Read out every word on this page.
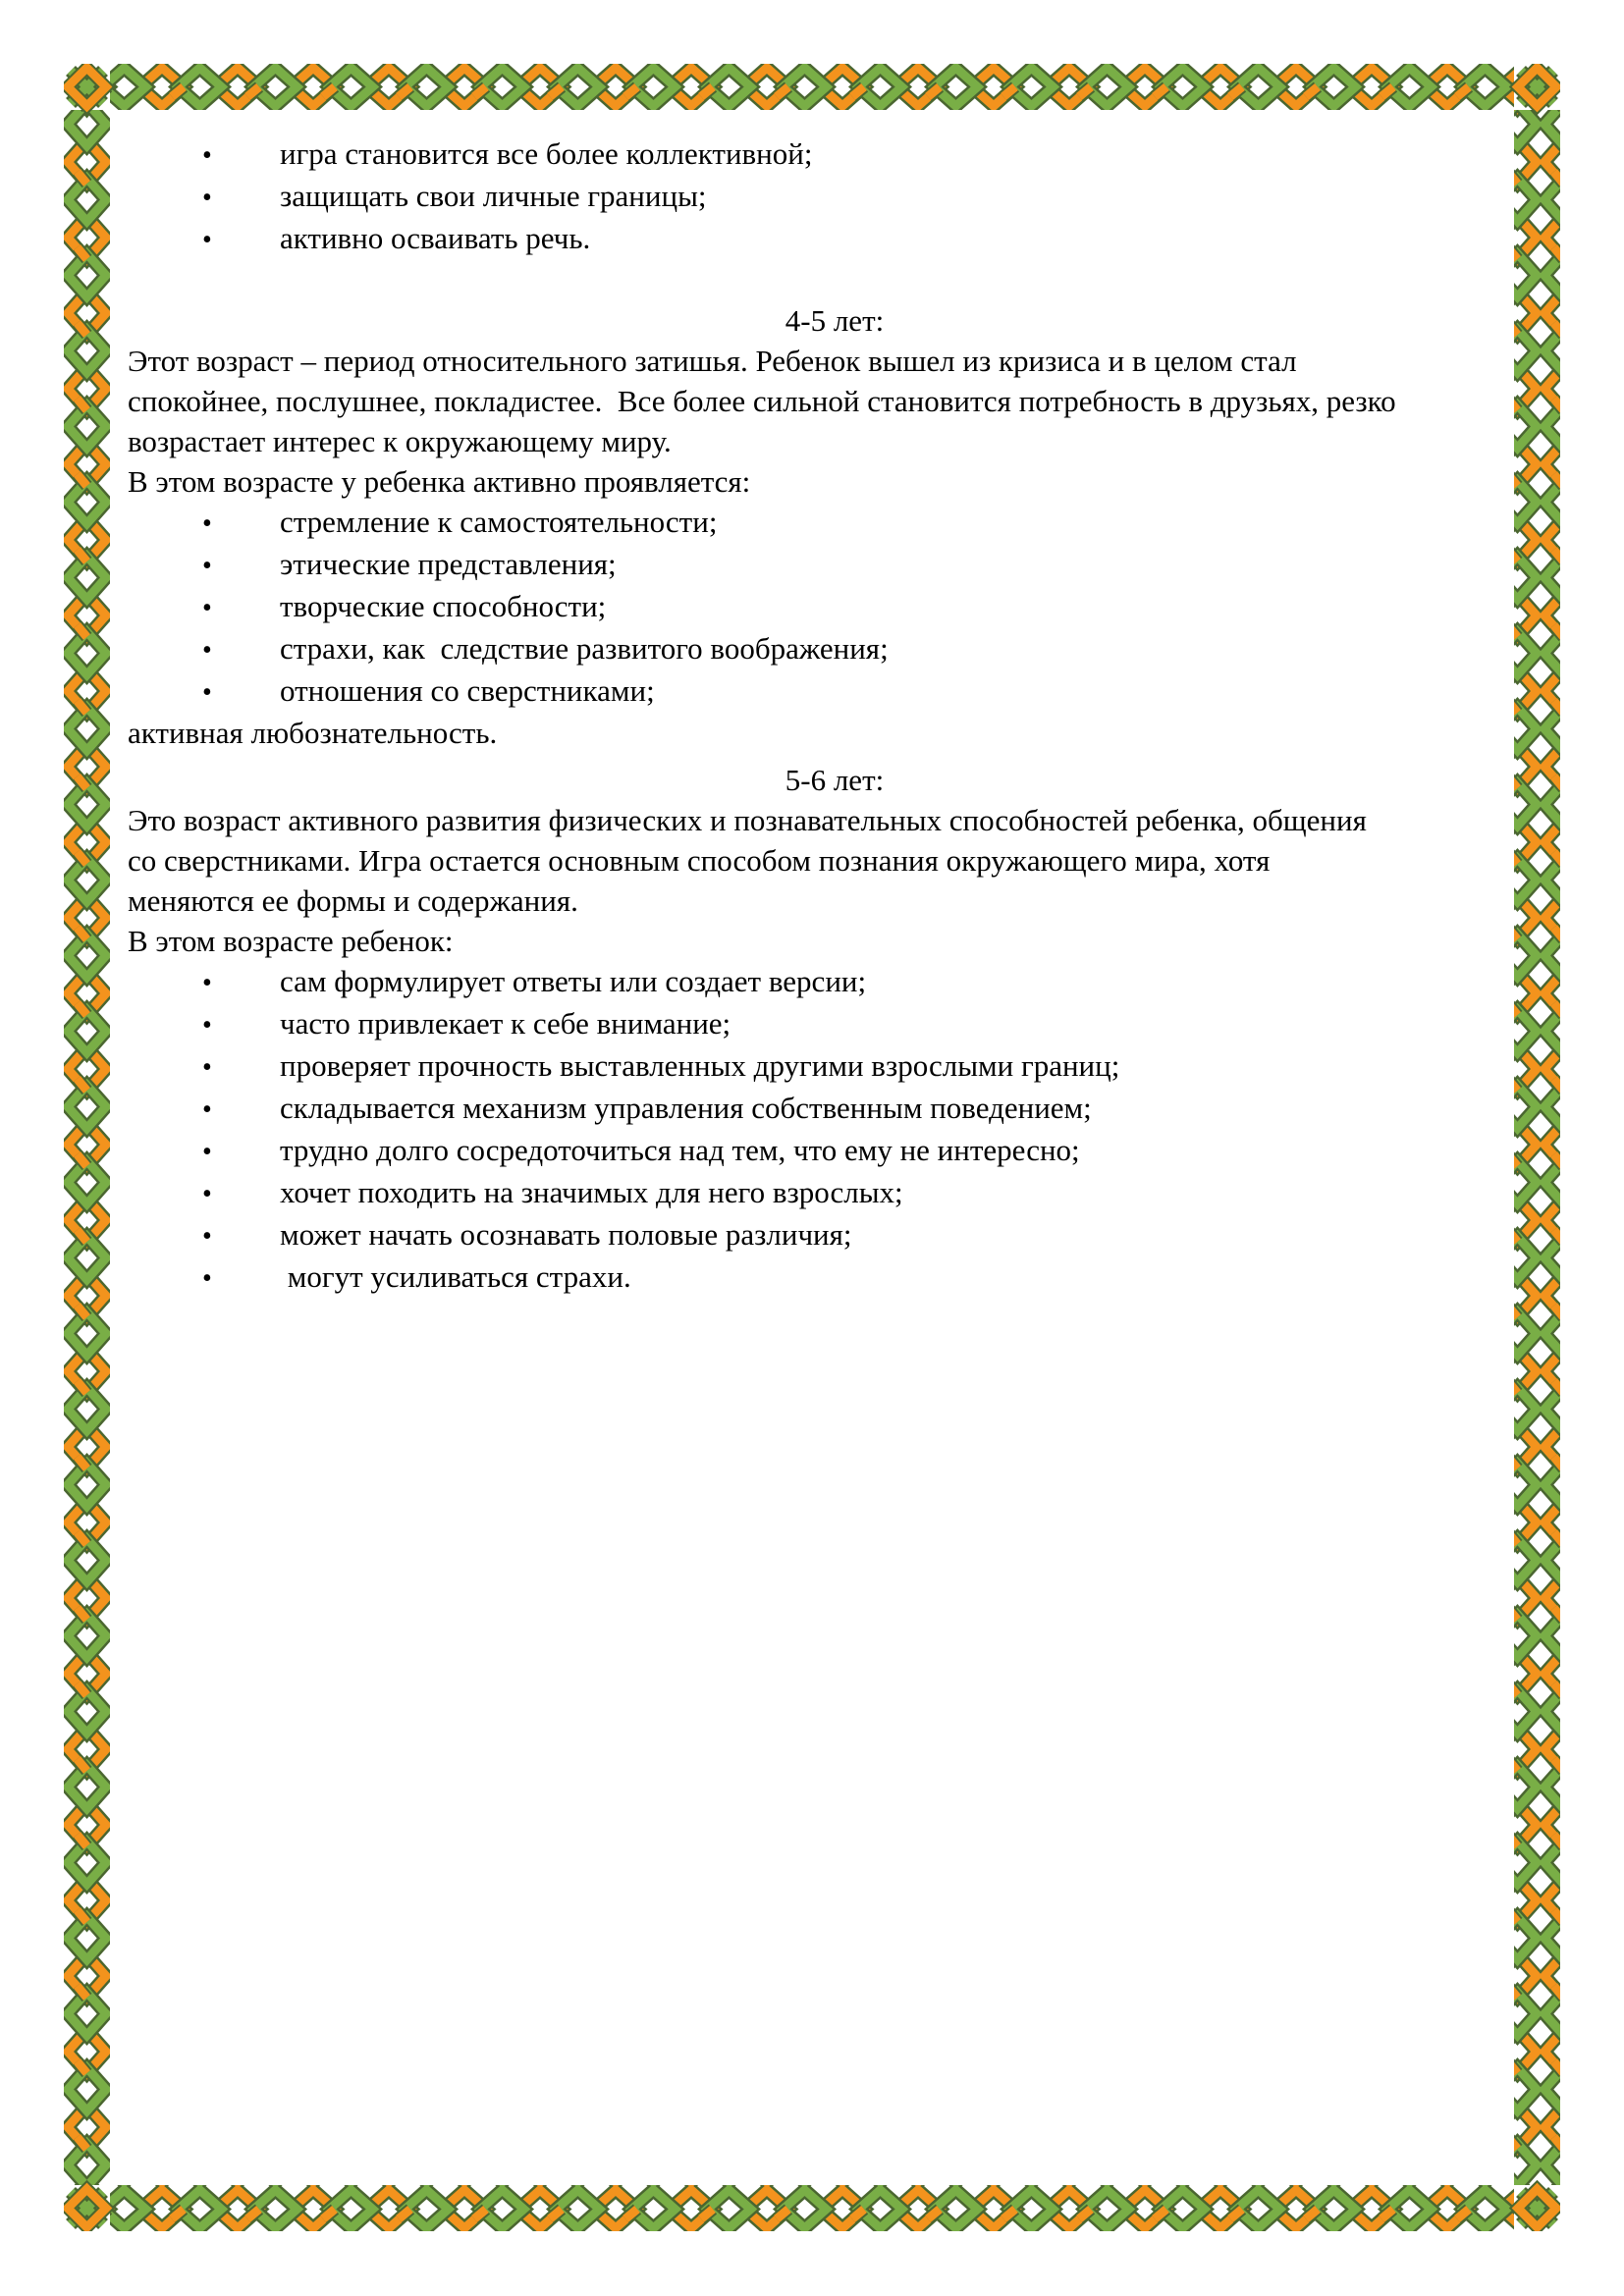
•	игра становится все более коллективной;
•	защищать свои личные границы;
•	активно осваивать речь.
4-5 лет:
Этот возраст – период относительного затишья. Ребенок вышел из кризиса и в целом стал
спокойнее, послушнее, покладистее.  Все более сильной становится потребность в друзьях, резко
возрастает интерес к окружающему миру.
В этом возрасте у ребенка активно проявляется:
•	стремление к самостоятельности;
•	этические представления;
•	творческие способности;
•	страхи, как  следствие развитого воображения;
•	отношения со сверстниками;
активная любознательность.
5-6 лет:
Это возраст активного развития физических и познавательных способностей ребенка, общения
со сверстниками. Игра остается основным способом познания окружающего мира, хотя
меняются ее формы и содержания.
В этом возрасте ребенок:
•	сам формулирует ответы или создает версии;
•	часто привлекает к себе внимание;
•	проверяет прочность выставленных другими взрослыми границ;
•	складывается механизм управления собственным поведением;
•	трудно долго сосредоточиться над тем, что ему не интересно;
•	хочет походить на значимых для него взрослых;
•	может начать осознавать половые различия;
•	могут усиливаться страхи.
